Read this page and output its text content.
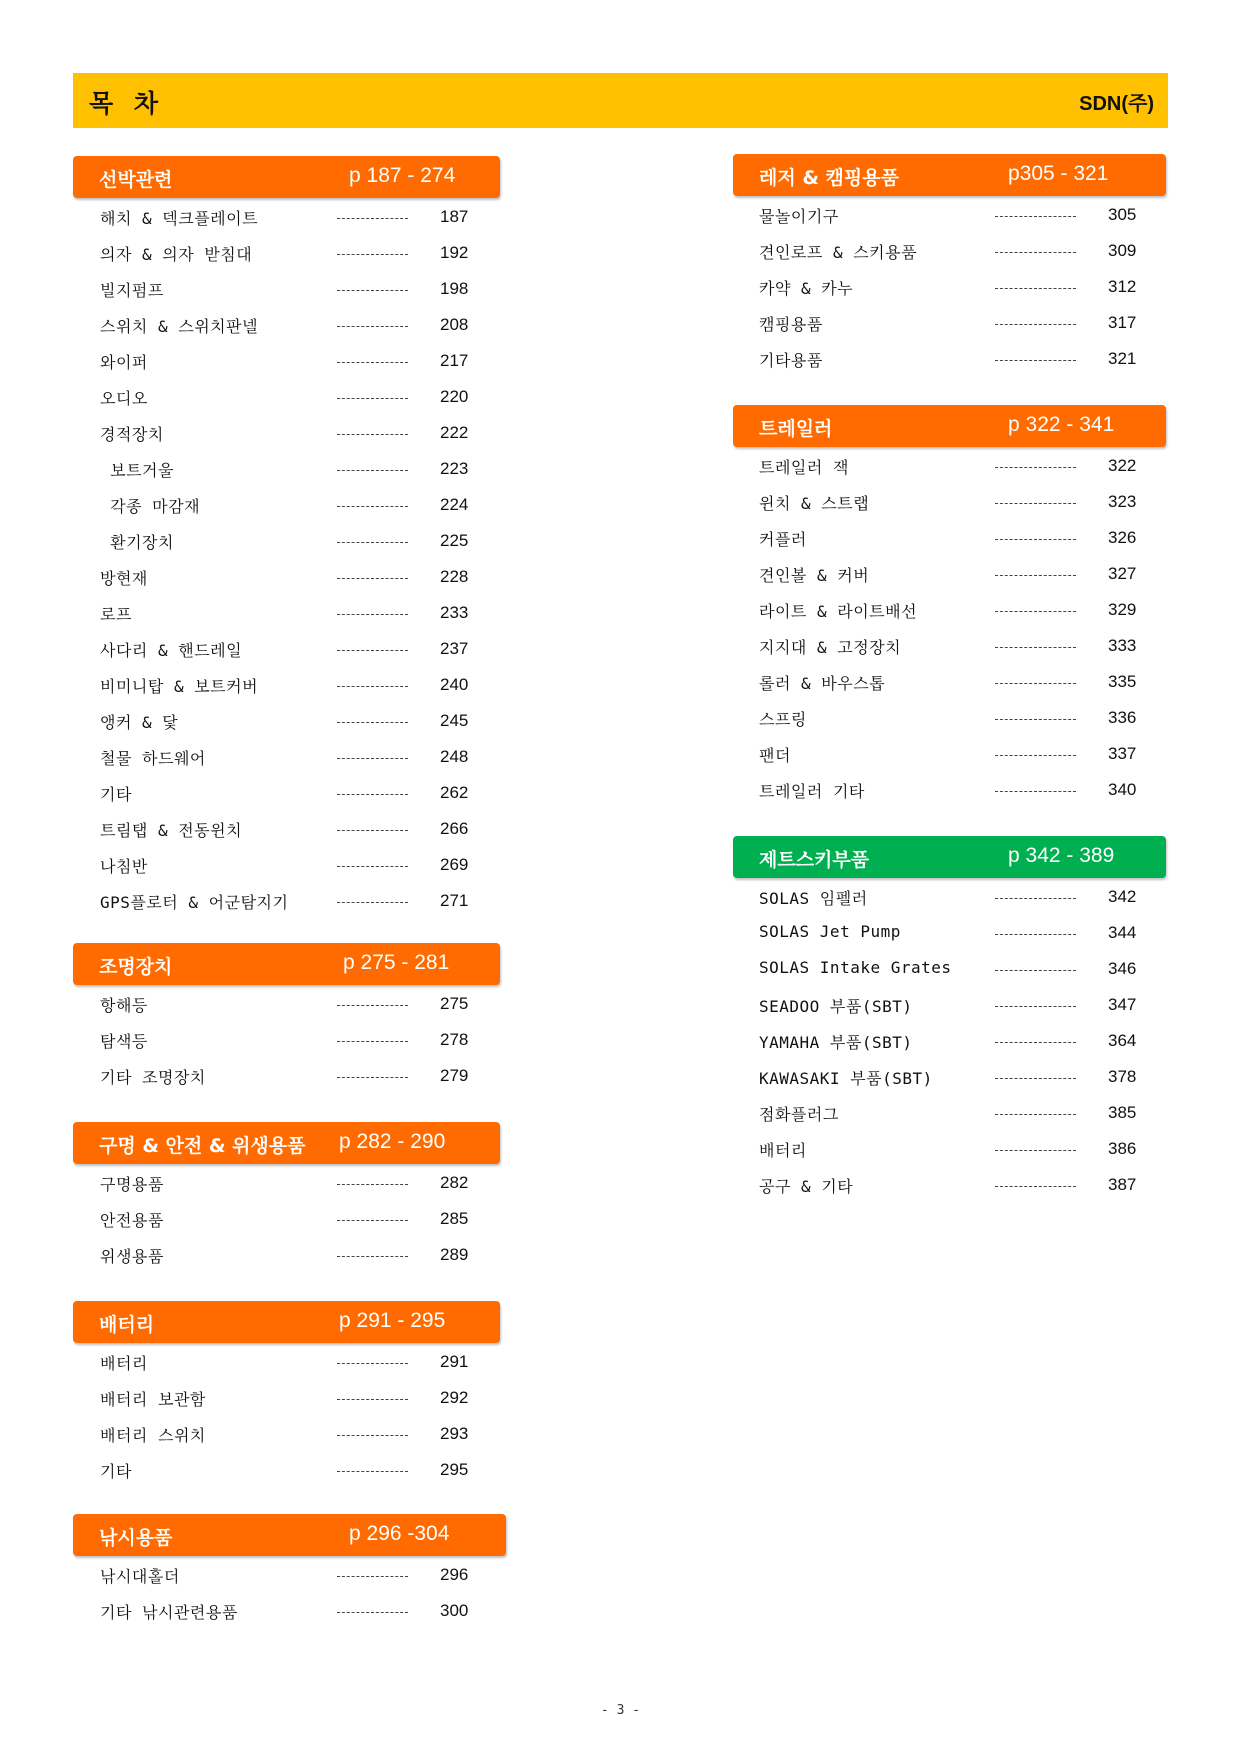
목 차	SDN(주)
선박관련	p 187 - 274
해치 & 덱크플레이트	187
의자 & 의자 받침대	192
빌지펌프	198
스위치 & 스위치판넬	208
와이퍼	217
오디오	220
경적장치	222
보트거울	223
각종 마감재	224
환기장치	225
방현재	228
로프	233
사다리 & 핸드레일	237
비미니탑 & 보트커버	240
앵커 & 닻	245
철물 하드웨어	248
기타	262
트림탭 & 전동윈치	266
나침반	269
GPS플로터 & 어군탐지기	271
조명장치	p 275 - 281
항해등	275
탐색등	278
기타 조명장치	279
구명 & 안전 & 위생용품 p 282 - 290
구명용품	282
안전용품	285
위생용품	289
배터리	p 291 - 295
배터리	291
배터리 보관함	292
배터리 스위치	293
기타	295
낚시용품	p 296 -304
낚시대홀더	296
기타 낚시관련용품	300
레저 & 캠핑용품	p305 - 321
물놀이기구	305
견인로프 & 스키용품	309
카약 & 카누	312
캠핑용품	317
기타용품	321
트레일러	p 322 - 341
트레일러 잭	322
윈치 & 스트랩	323
커플러	326
견인볼 & 커버	327
라이트 & 라이트배선	329
지지대 & 고정장치	333
롤러 & 바우스톱	335
스프링	336
팬더	337
트레일러 기타	340
제트스키부품	p 342 - 389
SOLAS 임펠러	342
SOLAS Jet Pump	344
SOLAS Intake Grates	346
SEADOO 부품(SBT)	347
YAMAHA 부품(SBT)	364
KAWASAKI 부품(SBT)	378
점화플러그	385
배터리	386
공구 & 기타	387
- 3 -
